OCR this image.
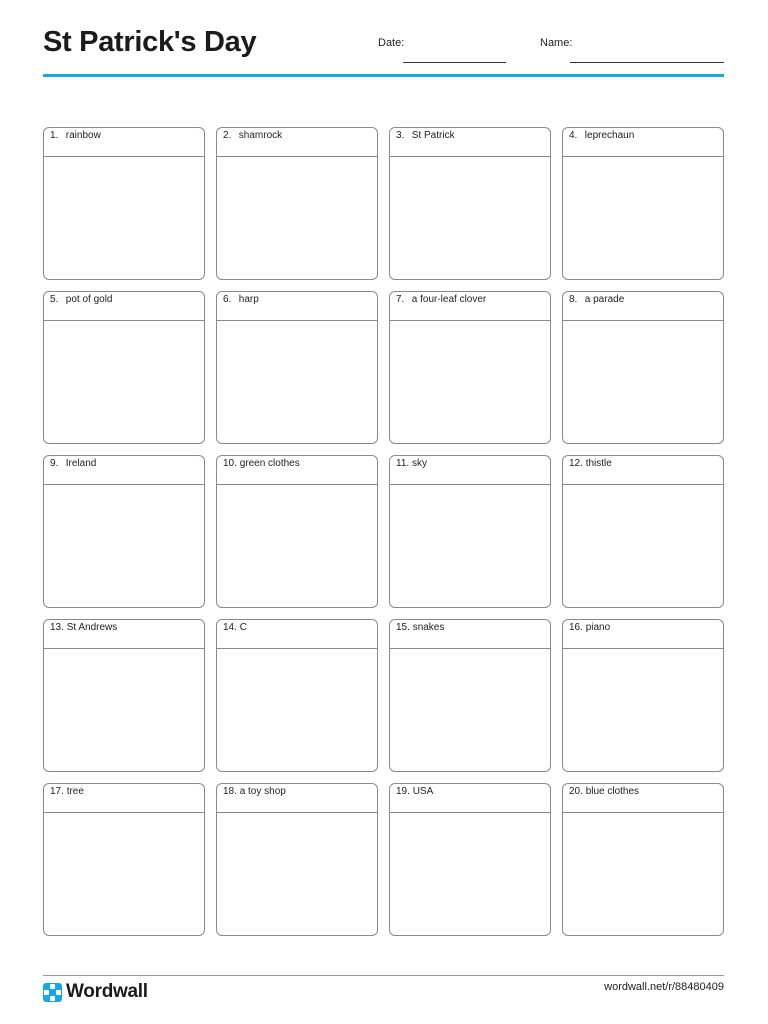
St Patrick's Day	Date:	Name:
1. rainbow	2. shamrock	3. St Patrick	4. leprechaun
5. pot of gold	6. harp	7. a four-leaf clover	8. a parade
9. Ireland	10. green clothes	11. sky	12. thistle
13. St Andrews	14. C	15. snakes	16. piano
17. tree	18. a toy shop	19. USA	20. blue clothes
Wordwall	wordwall.net/r/88480409
